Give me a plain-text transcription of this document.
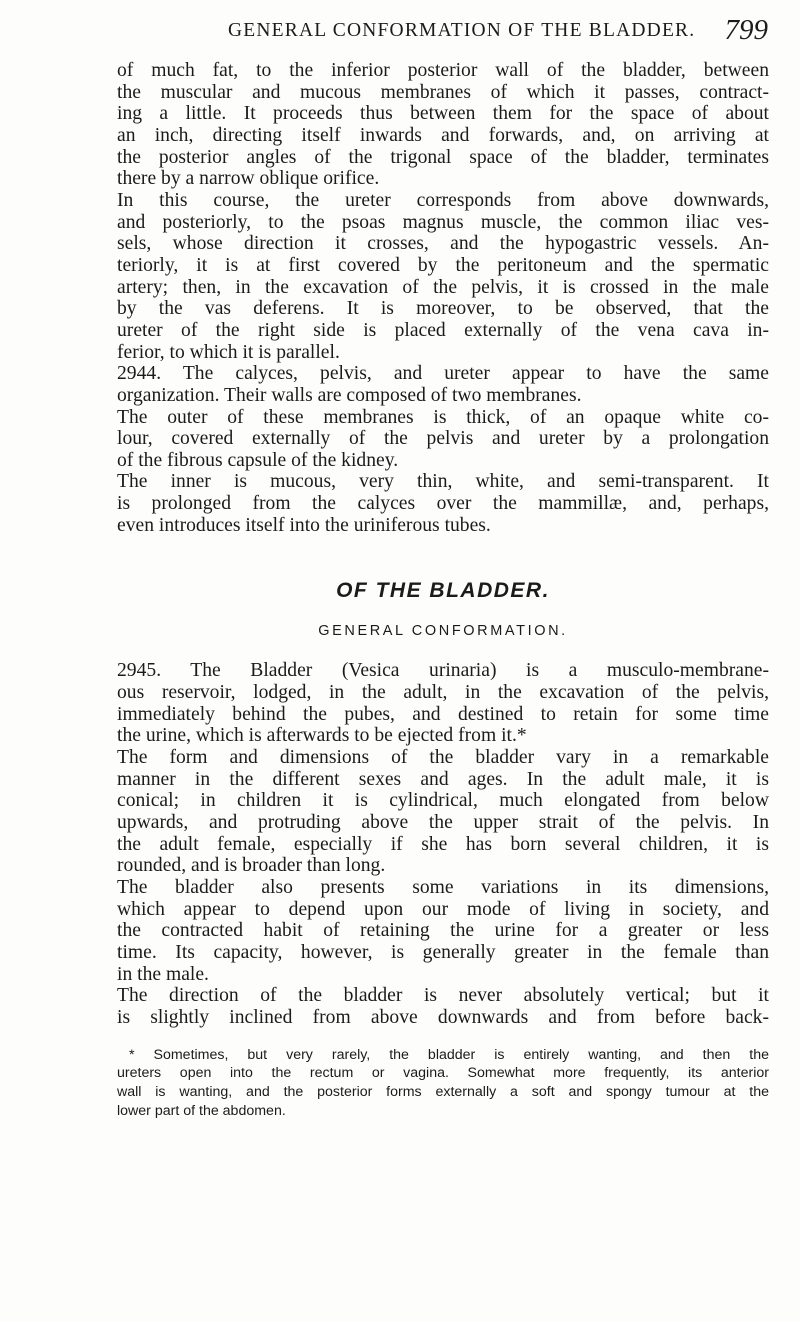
GENERAL CONFORMATION OF THE BLADDER. 799
of much fat, to the inferior posterior wall of the bladder, between
the muscular and mucous membranes of which it passes, contract-
ing a little. It proceeds thus between them for the space of about
an inch, directing itself inwards and forwards, and, on arriving at
the posterior angles of the trigonal space of the bladder, terminates
there by a narrow oblique orifice.
In this course, the ureter corresponds from above downwards,
and posteriorly, to the psoas magnus muscle, the common iliac ves-
sels, whose direction it crosses, and the hypogastric vessels. An-
teriorly, it is at first covered by the peritoneum and the spermatic
artery; then, in the excavation of the pelvis, it is crossed in the male
by the vas deferens. It is moreover, to be observed, that the
ureter of the right side is placed externally of the vena cava in-
ferior, to which it is parallel.
2944. The calyces, pelvis, and ureter appear to have the same
organization. Their walls are composed of two membranes.
The outer of these membranes is thick, of an opaque white co-
lour, covered externally of the pelvis and ureter by a prolongation
of the fibrous capsule of the kidney.
The inner is mucous, very thin, white, and semi-transparent. It
is prolonged from the calyces over the mammillæ, and, perhaps,
even introduces itself into the uriniferous tubes.
OF THE BLADDER.
GENERAL CONFORMATION.
2945. The Bladder (Vesica urinaria) is a musculo-membrane-
ous reservoir, lodged, in the adult, in the excavation of the pelvis,
immediately behind the pubes, and destined to retain for some time
the urine, which is afterwards to be ejected from it.*
The form and dimensions of the bladder vary in a remarkable
manner in the different sexes and ages. In the adult male, it is
conical; in children it is cylindrical, much elongated from below
upwards, and protruding above the upper strait of the pelvis. In
the adult female, especially if she has born several children, it is
rounded, and is broader than long.
The bladder also presents some variations in its dimensions,
which appear to depend upon our mode of living in society, and
the contracted habit of retaining the urine for a greater or less
time. Its capacity, however, is generally greater in the female than
in the male.
The direction of the bladder is never absolutely vertical; but it
is slightly inclined from above downwards and from before back-
* Sometimes, but very rarely, the bladder is entirely wanting, and then the
ureters open into the rectum or vagina. Somewhat more frequently, its anterior
wall is wanting, and the posterior forms externally a soft and spongy tumour at the
lower part of the abdomen.
